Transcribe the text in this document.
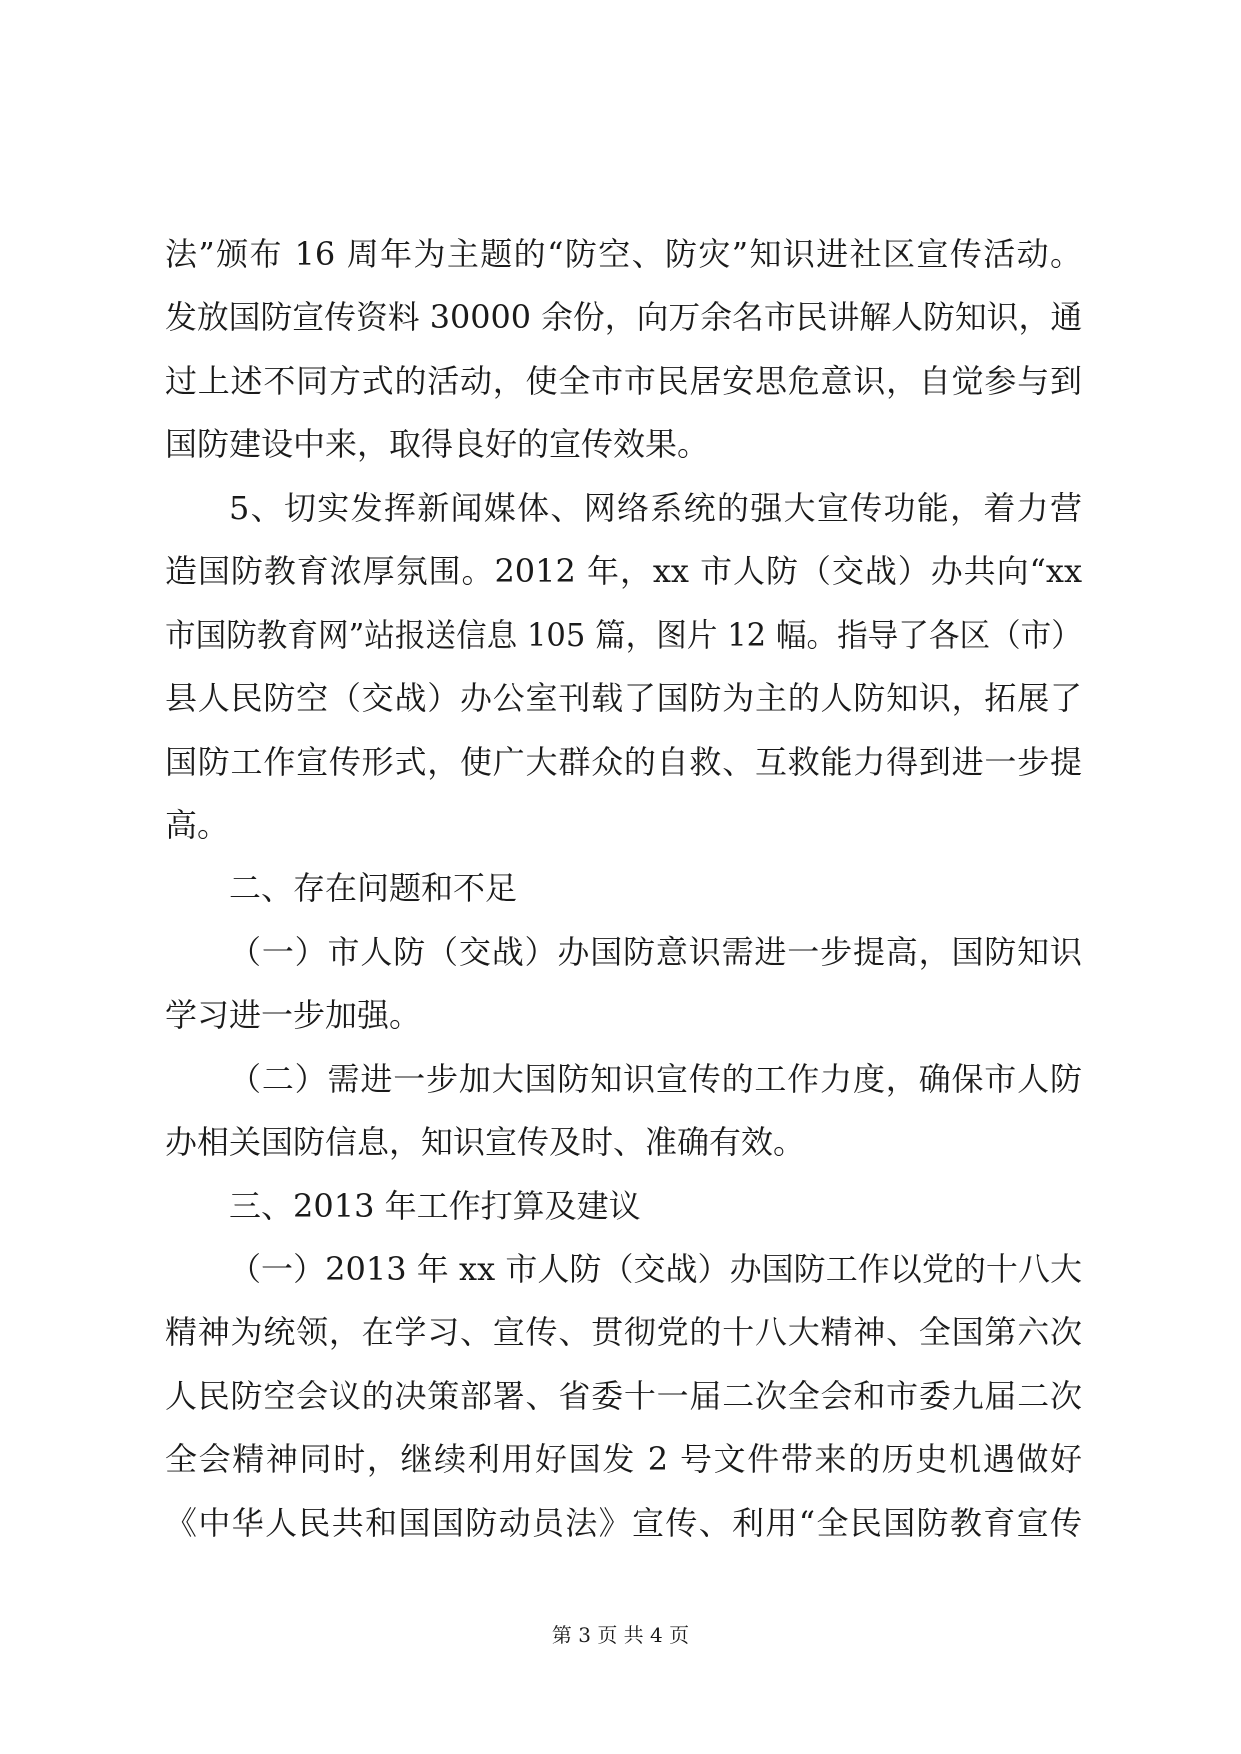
法”颁布 16 周年为主题的“防空、防灾”知识进社区宣传活动。
发放国防宣传资料 30000 余份，向万余名市民讲解人防知识，通
过上述不同方式的活动，使全市市民居安思危意识，自觉参与到
国防建设中来，取得良好的宣传效果。
5、切实发挥新闻媒体、网络系统的强大宣传功能，着力营
造国防教育浓厚氛围。2012 年，xx 市人防（交战）办共向“xx
市国防教育网”站报送信息 105 篇，图片 12 幅。指导了各区（市）
县人民防空（交战）办公室刊载了国防为主的人防知识，拓展了
国防工作宣传形式，使广大群众的自救、互救能力得到进一步提
高。
二、存在问题和不足
（一）市人防（交战）办国防意识需进一步提高，国防知识
学习进一步加强。
（二）需进一步加大国防知识宣传的工作力度，确保市人防
办相关国防信息，知识宣传及时、准确有效。
三、2013 年工作打算及建议
（一）2013 年 xx 市人防（交战）办国防工作以党的十八大
精神为统领，在学习、宣传、贯彻党的十八大精神、全国第六次
人民防空会议的决策部署、省委十一届二次全会和市委九届二次
全会精神同时，继续利用好国发 2 号文件带来的历史机遇做好
《中华人民共和国国防动员法》宣传、利用“全民国防教育宣传
第 3 页 共 4 页
